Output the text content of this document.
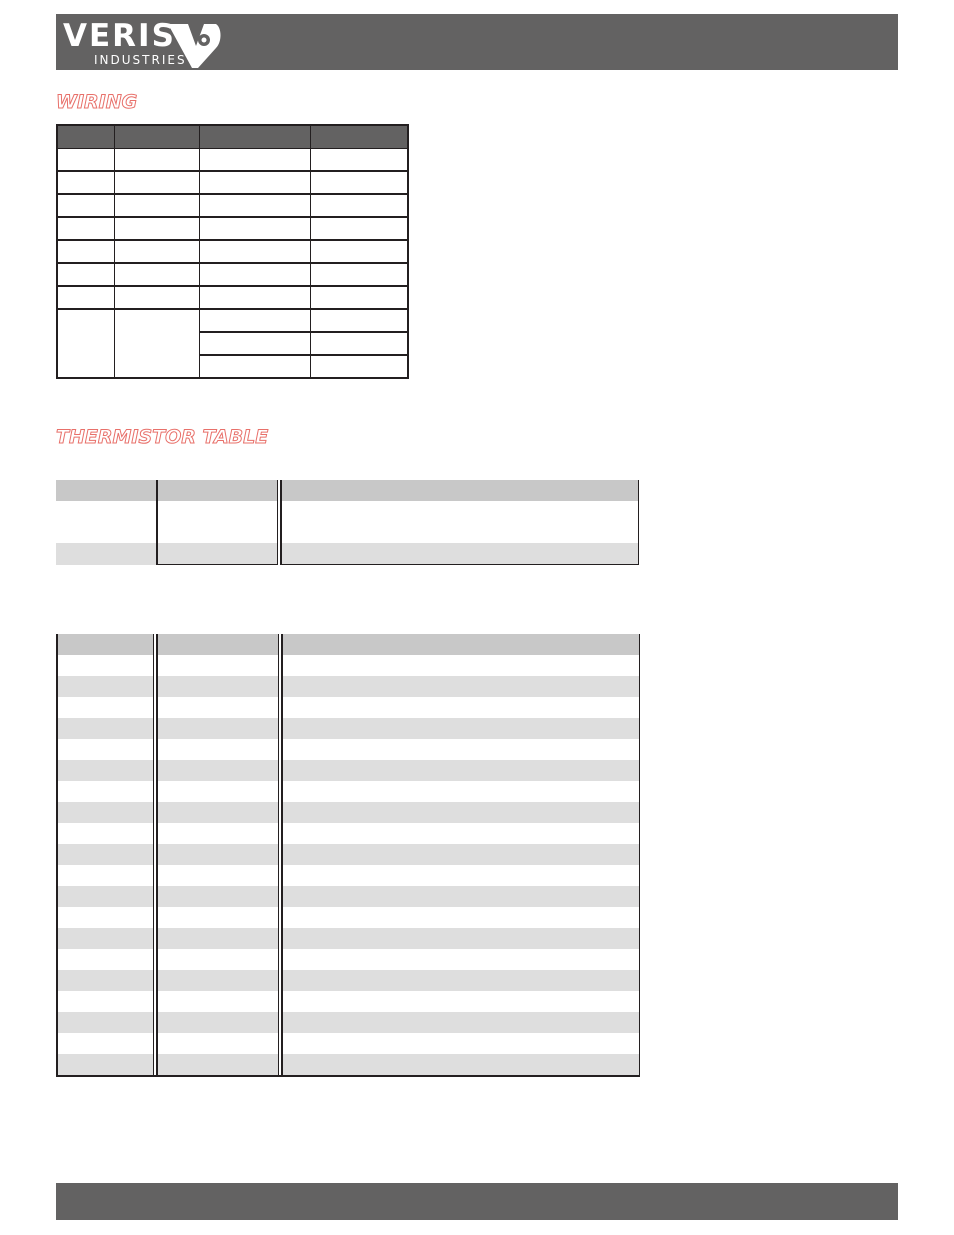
VERIS

INDUSTRIES

WIRING

THERMISTOR TABLE
